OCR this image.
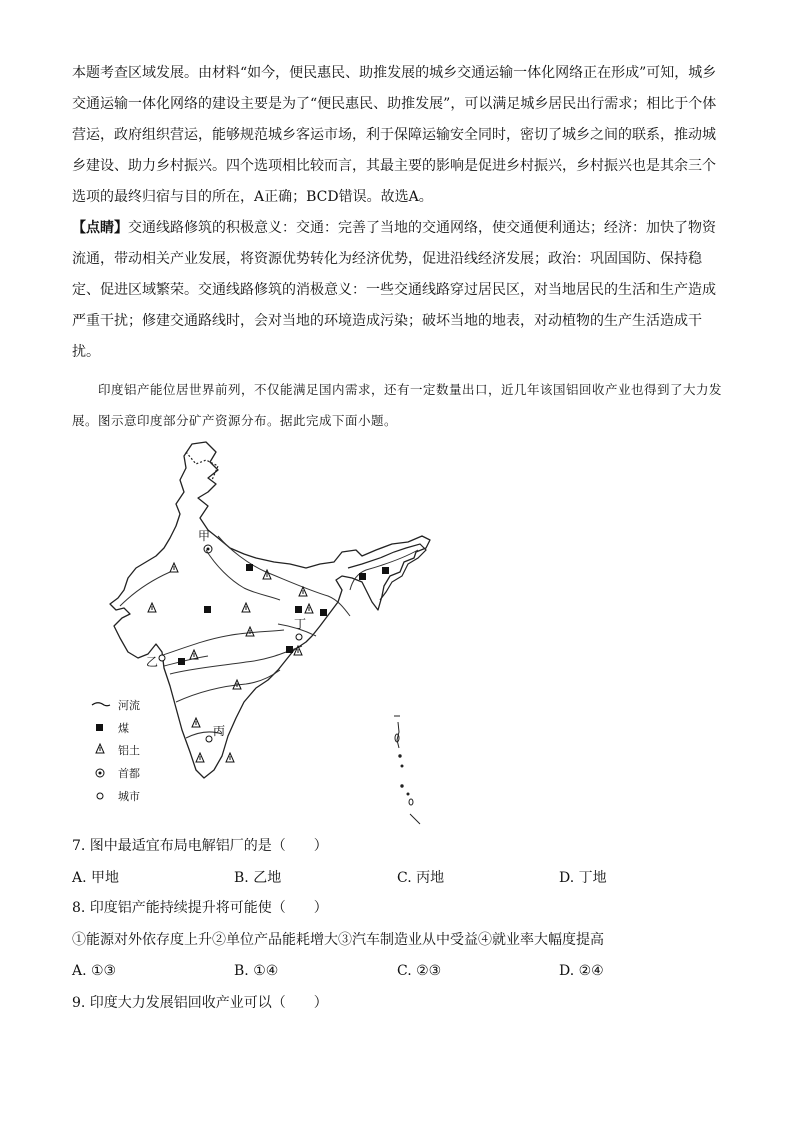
本题考查区域发展。由材料“如今，便民惠民、助推发展的城乡交通运输一体化网络正在形成”可知，城乡交通运输一体化网络的建设主要是为了“便民惠民、助推发展”，可以满足城乡居民出行需求；相比于个体营运，政府组织营运，能够规范城乡客运市场，利于保障运输安全同时，密切了城乡之间的联系，推动城乡建设、助力乡村振兴。四个选项相比较而言，其最主要的影响是促进乡村振兴，乡村振兴也是其余三个选项的最终归宿与目的所在，A正确；BCD错误。故选A。

【点睛】交通线路修筑的积极意义：交通：完善了当地的交通网络，使交通便利通达；经济：加快了物资流通，带动相关产业发展，将资源优势转化为经济优势，促进沿线经济发展；政治：巩固国防、保持稳定、促进区域繁荣。交通线路修筑的消极意义：一些交通线路穿过居民区，对当地居民的生活和生产造成严重干扰；修建交通路线时，会对当地的环境造成污染；破坏当地的地表，对动植物的生产生活造成干扰。

印度铝产能位居世界前列，不仅能满足国内需求，还有一定数量出口，近几年该国铝回收产业也得到了大力发展。图示意印度部分矿产资源分布。据此完成下面小题。

甲
乙
丁
丙
河流
煤
铝土
首都
城市

7. 图中最适宜布局电解铝厂的是（　　）

A. 甲地	B. 乙地	C. 丙地	D. 丁地

8. 印度铝产能持续提升将可能使（　　）

①能源对外依存度上升②单位产品能耗增大③汽车制造业从中受益④就业率大幅度提高

A. ①③	B. ①④	C. ②③	D. ②④

9. 印度大力发展铝回收产业可以（　　）
